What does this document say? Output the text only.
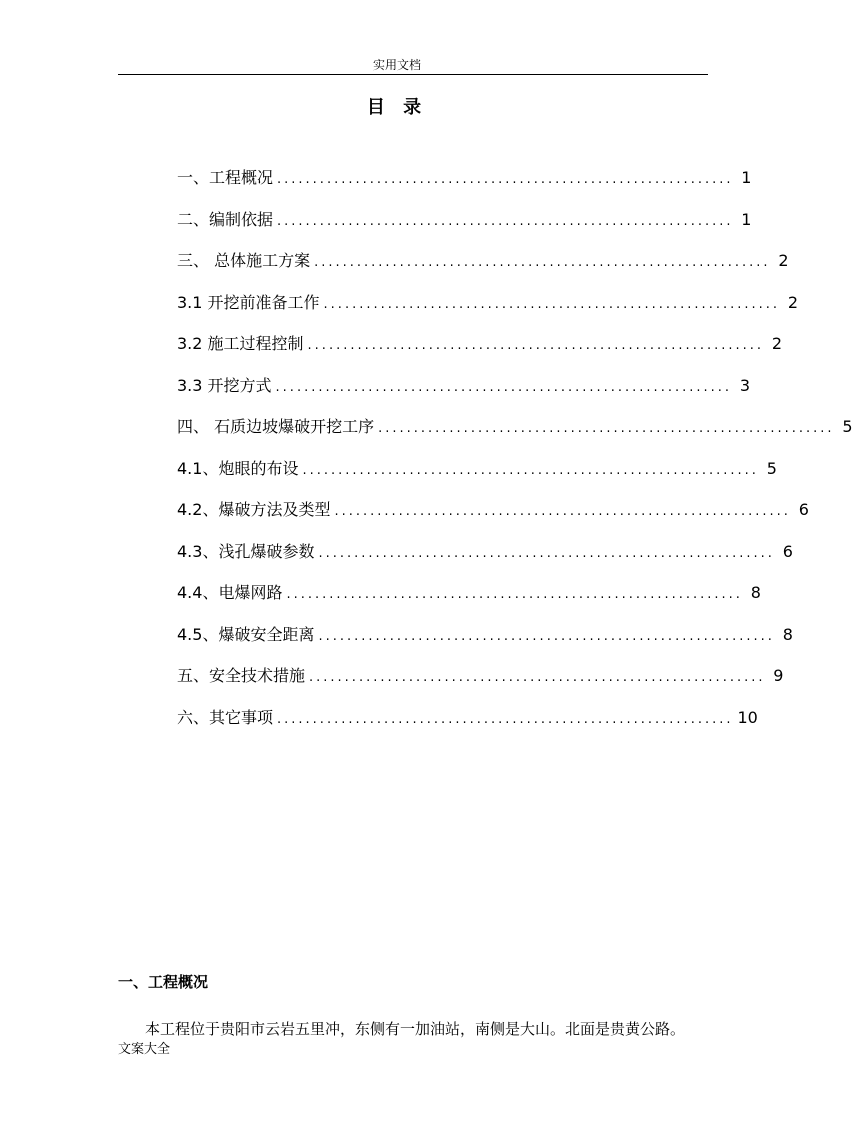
实用文档
目 录
一、工程概况 ................................................................ 1
二、编制依据 ................................................................ 1
三、 总体施工方案 ................................................................ 2
3.1 开挖前准备工作 ................................................................ 2
3.2 施工过程控制 ................................................................ 2
3.3 开挖方式 ................................................................ 3
四、 石质边坡爆破开挖工序 ................................................................ 5
4.1、炮眼的布设 ................................................................ 5
4.2、爆破方法及类型 ................................................................ 6
4.3、浅孔爆破参数 ................................................................ 6
4.4、电爆网路 ................................................................ 8
4.5、爆破安全距离 ................................................................ 8
五、安全技术措施 ................................................................ 9
六、其它事项 ................................................................ 10
一、工程概况
本工程位于贵阳市云岩五里冲，东侧有一加油站，南侧是大山。北面是贵黄公路。
文案大全
